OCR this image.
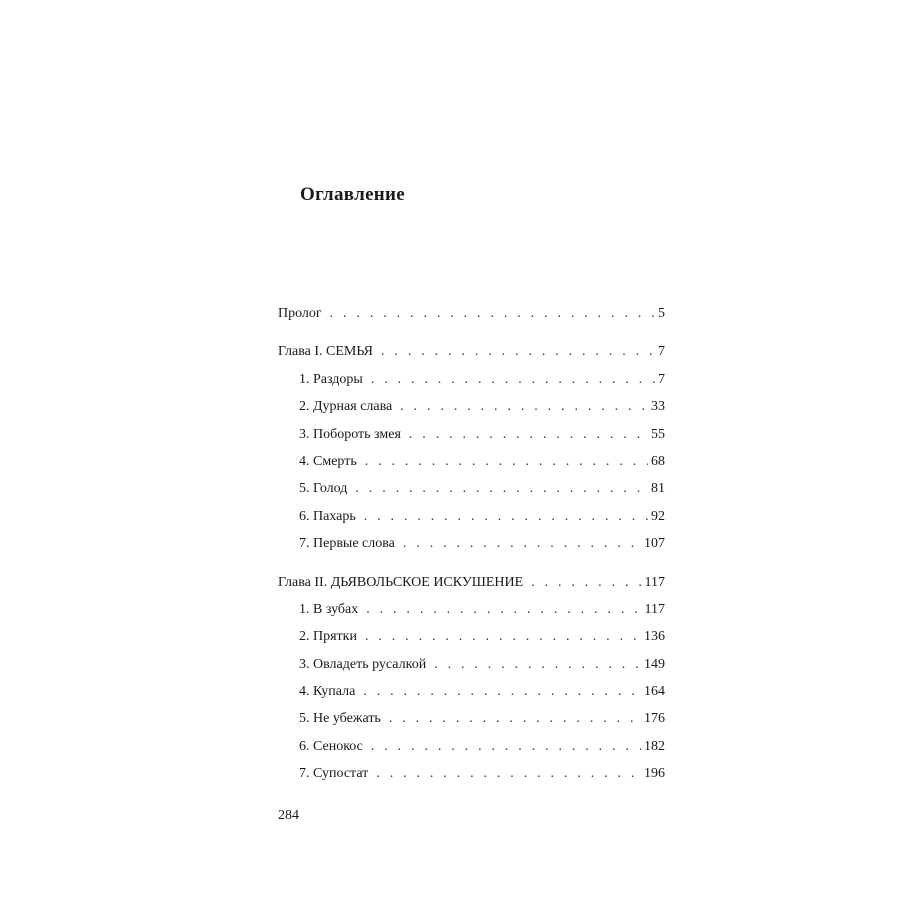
Оглавление
Пролог . . .	5
Глава I. СЕМЬЯ . . .	7
1. Раздоры . . .	7
2. Дурная слава . . .	33
3. Побороть змея . . .	55
4. Смерть . . .	68
5. Голод . . .	81
6. Пахарь . . .	92
7. Первые слова . . .	107
Глава II. ДЬЯВОЛЬСКОЕ ИСКУШЕНИЕ . . .	117
1. В зубах . . .	117
2. Прятки . . .	136
3. Овладеть русалкой . . .	149
4. Купала . . .	164
5. Не убежать . . .	176
6. Сенокос . . .	182
7. Супостат . . .	196
284
